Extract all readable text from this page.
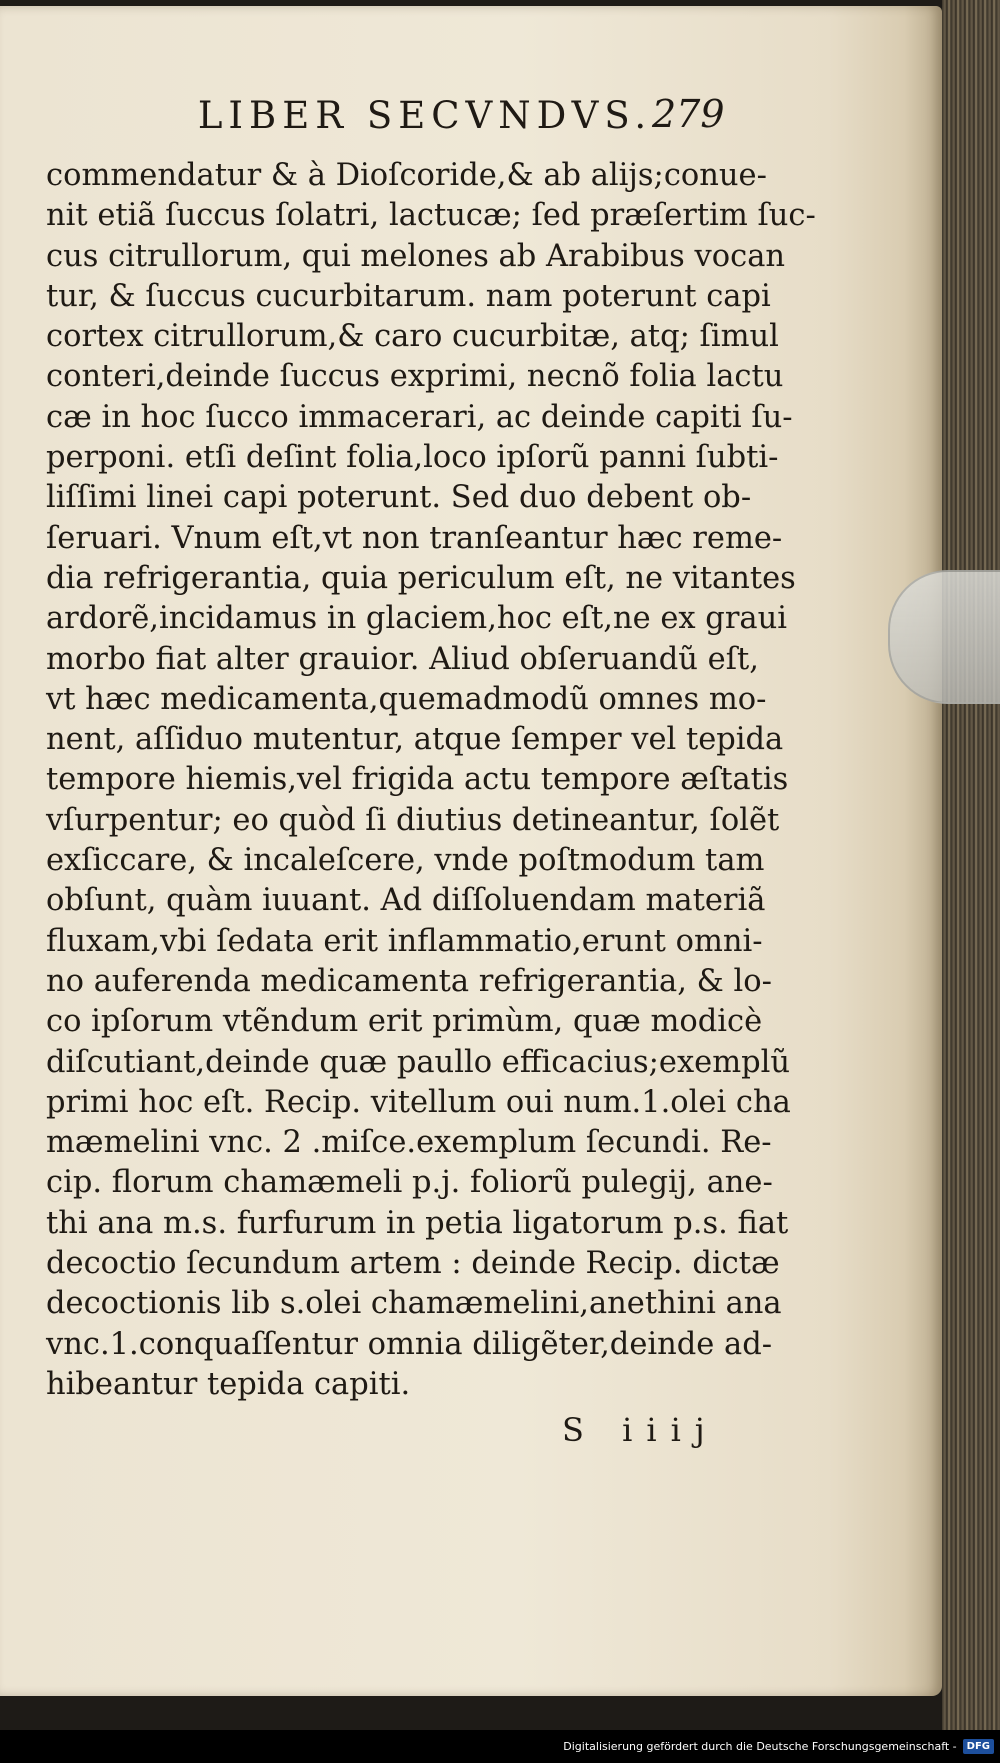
LIBER SECVNDVS. 279
commendatur & à Dioſcoride,& ab alijs;conue-
nit etiã ſuccus ſolatri, lactucæ; ſed præſertim ſuc-
cus citrullorum, qui melones ab Arabibus vocan
tur, & ſuccus cucurbitarum. nam poterunt capi
cortex citrullorum,& caro cucurbitæ, atq; ſimul
conteri,deinde ſuccus exprimi, necnõ folia lactu
cæ in hoc ſucco immacerari, ac deinde capiti ſu-
perponi. etſi deſint folia,loco ipſorũ panni ſubti-
liſſimi linei capi poterunt. Sed duo debent ob-
ſeruari. Vnum eſt,vt non tranſeantur hæc reme-
dia refrigerantia, quia periculum eſt, ne vitantes
ardorẽ,incidamus in glaciem,hoc eſt,ne ex graui
morbo fiat alter grauior. Aliud obſeruandũ eſt,
vt hæc medicamenta,quemadmodũ omnes mo-
nent, aſſiduo mutentur, atque ſemper vel tepida
tempore hiemis,vel frigida actu tempore æſtatis
vſurpentur; eo quòd ſi diutius detineantur, ſolẽt
exſiccare, & incaleſcere, vnde poſtmodum tam
obſunt, quàm iuuant. Ad diſſoluendam materiã
fluxam,vbi ſedata erit inflammatio,erunt omni-
no auferenda medicamenta refrigerantia, & lo-
co ipſorum vtẽndum erit primùm, quæ modicè
diſcutiant,deinde quæ paullo efficacius;exemplũ
primi hoc eſt. Recip. vitellum oui num.1.olei cha
mæmelini vnc. 2 .miſce.exemplum ſecundi. Re-
cip. florum chamæmeli p.j. foliorũ pulegij, ane-
thi ana m.s. furfurum in petia ligatorum p.s. fiat
decoctio ſecundum artem : deinde Recip. dictæ
decoctionis lib s.olei chamæmelini,anethini ana
vnc.1.conquaſſentur omnia diligẽter,deinde ad-
hibeantur tepida capiti.
S iiij
Digitalisierung gefördert durch die Deutsche Forschungsgemeinschaft -	DFG
